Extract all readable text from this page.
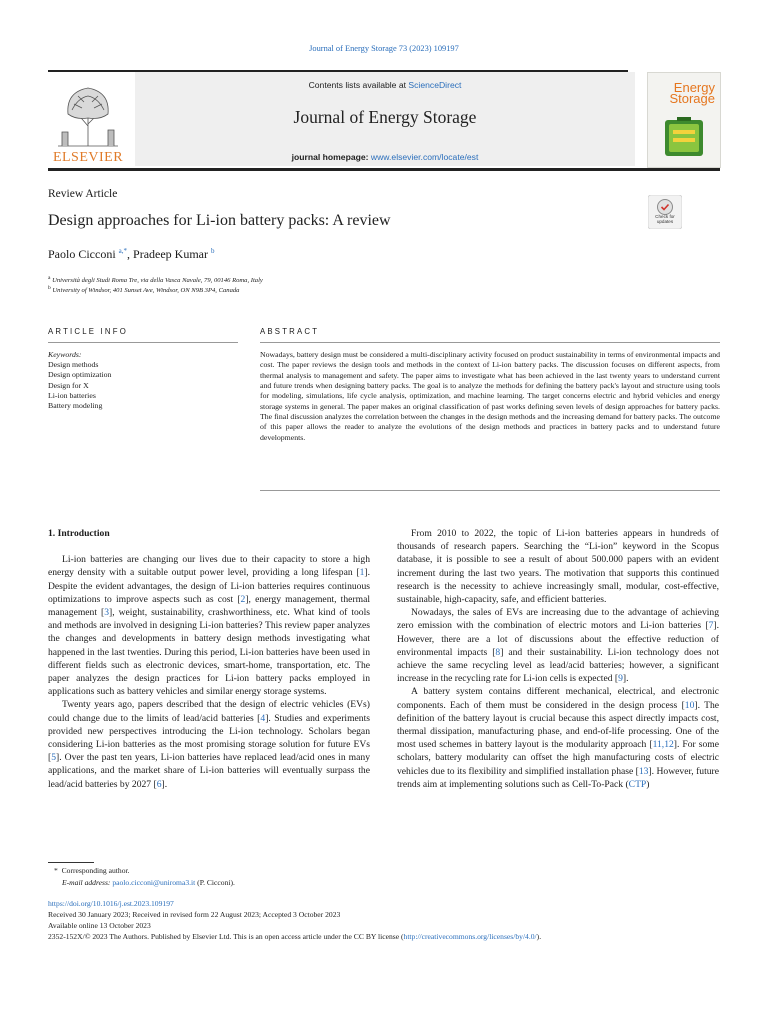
Journal of Energy Storage 73 (2023) 109197
ELSEVIER
Contents lists available at ScienceDirect
Journal of Energy Storage
journal homepage: www.elsevier.com/locate/est
Energy
Storage
Check for updates
Review Article
Design approaches for Li-ion battery packs: A review
Paolo Cicconi $^{a,*}$, Pradeep Kumar $^b$
$^a$ Università degli Studi Roma Tre, via della Vasca Navale, 79, 00146 Roma, Italy
$^b$ University of Windsor, 401 Sunset Ave, Windsor, ON N9B 3P4, Canada
ARTICLE INFO	ABSTRACT
Keywords:
Design methods
Design optimization
Design for X
Li-ion batteries
Battery modeling
Nowadays, battery design must be considered a multi-disciplinary activity focused on product sustainability in terms of environmental impacts and cost. The paper reviews the design tools and methods in the context of Li-ion battery packs. The discussion focuses on different aspects, from thermal analysis to management and safety. The paper aims to investigate what has been achieved in the last twenty years to understand current and future trends when designing battery packs. The goal is to analyze the methods for defining the battery pack's layout and structure using tools for modeling, simulations, life cycle analysis, optimization, and machine learning. The target concerns electric and hybrid vehicles and energy storage systems in general. The paper makes an original classification of past works defining seven levels of design approaches for battery packs. The final discussion analyzes the correlation between the changes in the design methods and the increasing demand for battery packs. The outcome of this paper allows the reader to analyze the evolutions of the design methods and practices in battery packs and to understand future developments.

1. Introduction

Li-ion batteries are changing our lives due to their capacity to store a high energy density with a suitable output power level, providing a long lifespan [1]. Despite the evident advantages, the design of Li-ion batteries requires continuous optimizations to improve aspects such as cost [2], energy management, thermal management [3], weight, sustainability, crashworthiness, etc. What kind of tools and methods are involved in designing Li-ion batteries? This review paper analyzes the changes and developments in battery design methods investigating what happened in the last twenties. During this period, Li-ion batteries have been used in different fields such as electronic devices, smart-home, transportation, etc. The paper analyzes the design practices for Li-ion battery packs employed in applications such as battery vehicles and similar energy storage systems.

Twenty years ago, papers described that the design of electric vehicles (EVs) could change due to the limits of lead/acid batteries [4]. Studies and experiments provided new perspectives introducing the Li-ion technology. Scholars began considering Li-ion batteries as the most promising storage solution for future EVs [5]. Over the past ten years, Li-ion batteries have replaced lead/acid ones in many applications, and the market share of Li-ion batteries will eventually surpass the lead/acid batteries by 2027 [6].

From 2010 to 2022, the topic of Li-ion batteries appears in hundreds of thousands of research papers. Searching the “Li-ion” keyword in the Scopus database, it is possible to see a result of about 500.000 papers with an evident increment during the last two years. The motivation that supports this continued research is the necessity to achieve increasingly small, modular, cost-effective, sustainable, high-capacity, safe, and efficient batteries.

Nowadays, the sales of EVs are increasing due to the advantage of achieving zero emission with the combination of electric motors and Li-ion batteries [7]. However, there are a lot of discussions about the effective reduction of environmental impacts [8] and their sustainability. Li-ion technology does not achieve the same recycling level as lead/acid batteries; however, a significant increase in the recycling rate for Li-ion cells is expected [9].

A battery system contains different mechanical, electrical, and electronic components. Each of them must be considered in the design process [10]. The definition of the battery layout is crucial because this aspect directly impacts cost, thermal dissipation, manufacturing phase, and end-of-life processing. One of the most used schemes in battery layout is the modularity approach [11,12]. For some scholars, battery modularity can offset the high manufacturing costs of electric vehicles due to its flexibility and simplified installation phase [13]. However, future trends aim at implementing solutions such as Cell-To-Pack (CTP)

* Corresponding author.
E-mail address: paolo.cicconi@uniroma3.it (P. Cicconi).
https://doi.org/10.1016/j.est.2023.109197
Received 30 January 2023; Received in revised form 22 August 2023; Accepted 3 October 2023
Available online 13 October 2023
2352-152X/© 2023 The Authors. Published by Elsevier Ltd. This is an open access article under the CC BY license (http://creativecommons.org/licenses/by/4.0/).
